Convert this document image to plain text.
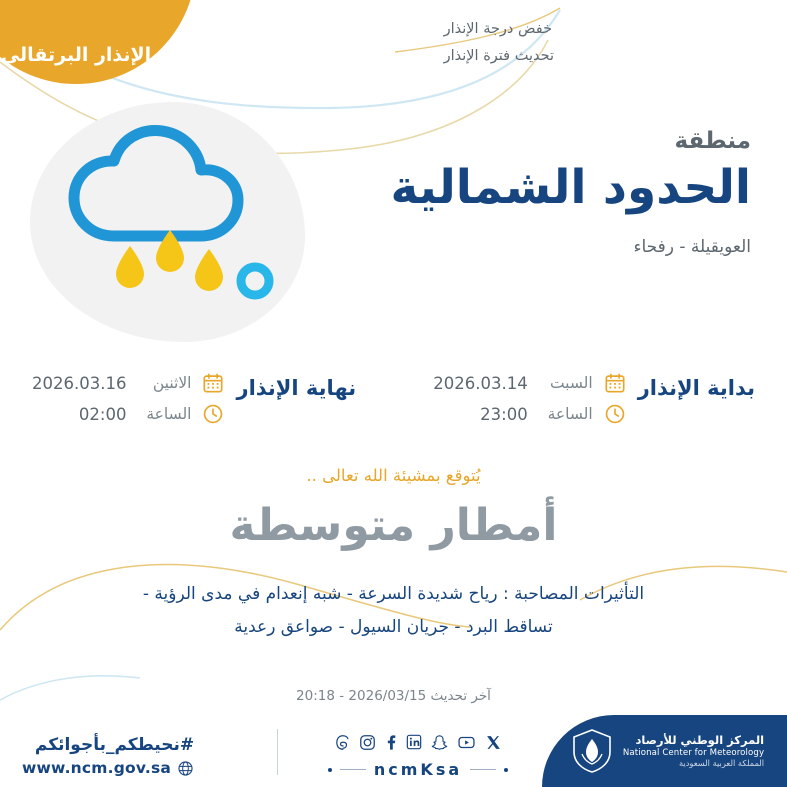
الإنذار البرتقالي
خفض درجة الإنذار
تحديث فترة الإنذار
منطقة
الحدود الشمالية
العويقيلة - رفحاء
بداية الإنذار
السبت
2026.03.14
الساعة
23:00
نهاية الإنذار
الاثنين
2026.03.16
الساعة
02:00
يُتوقع بمشيئة الله تعالى ..
أمطار متوسطة
التأثيرات المصاحبة : رياح شديدة السرعة - شبه إنعدام في مدى الرؤية -
تساقط البرد - جريان السيول - صواعق رعدية
آخر تحديث 2026/03/15 - 20:18
المركز الوطني للأرصاد
National Center for Meteorology
المملكة العربية السعودية
ncmKsa
#نحيطكم_بأجوائكم
www.ncm.gov.sa
